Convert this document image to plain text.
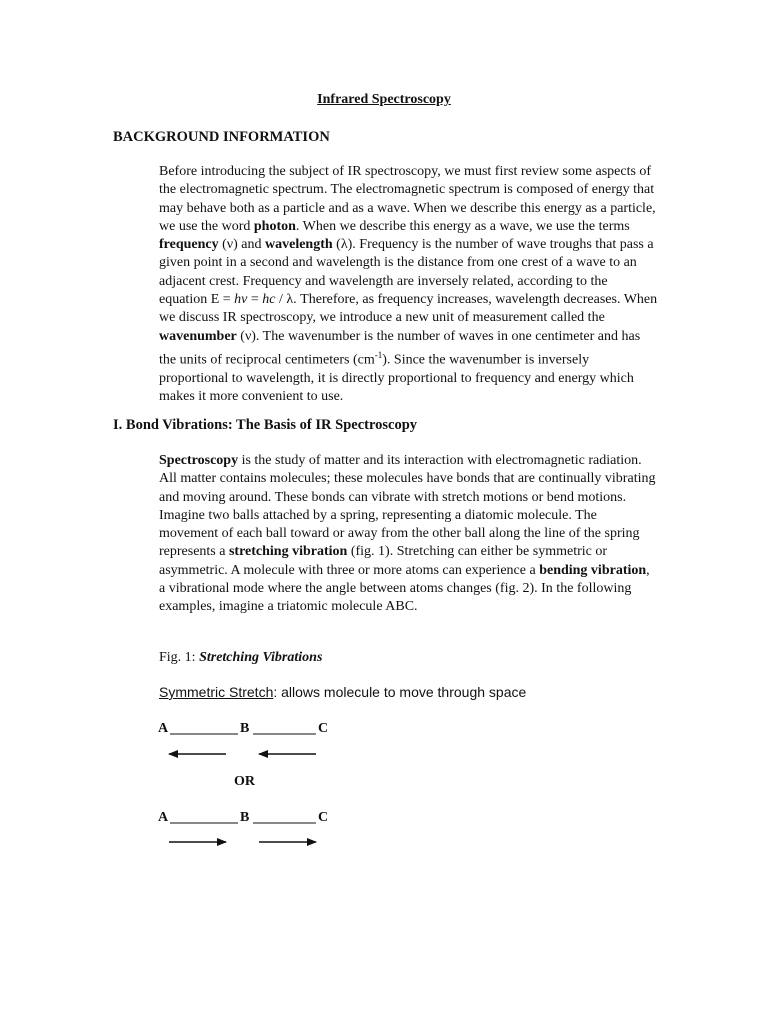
Infrared Spectroscopy
BACKGROUND INFORMATION

Before introducing the subject of IR spectroscopy, we must first review some aspects of the electromagnetic spectrum. The electromagnetic spectrum is composed of energy that may behave both as a particle and as a wave. When we describe this energy as a particle, we use the word photon. When we describe this energy as a wave, we use the terms frequency (ν) and wavelength (λ). Frequency is the number of wave troughs that pass a given point in a second and wavelength is the distance from one crest of a wave to an adjacent crest. Frequency and wavelength are inversely related, according to the equation E = hν = hc / λ. Therefore, as frequency increases, wavelength decreases. When we discuss IR spectroscopy, we introduce a new unit of measurement called the wavenumber (ν). The wavenumber is the number of waves in one centimeter and has the units of reciprocal centimeters $(cm^{-1})$. Since the wavenumber is inversely proportional to wavelength, it is directly proportional to frequency and energy which makes it more convenient to use.

I. Bond Vibrations: The Basis of IR Spectroscopy

Spectroscopy is the study of matter and its interaction with electromagnetic radiation. All matter contains molecules; these molecules have bonds that are continually vibrating and moving around. These bonds can vibrate with stretch motions or bend motions. Imagine two balls attached by a spring, representing a diatomic molecule. The movement of each ball toward or away from the other ball along the line of the spring represents a stretching vibration (fig. 1). Stretching can either be symmetric or asymmetric. A molecule with three or more atoms can experience a bending vibration, a vibrational mode where the angle between atoms changes (fig. 2). In the following examples, imagine a triatomic molecule ABC.

Fig. 1: Stretching Vibrations
Symmetric Stretch: allows molecule to move through space
A	B	C
OR
A	B	C
